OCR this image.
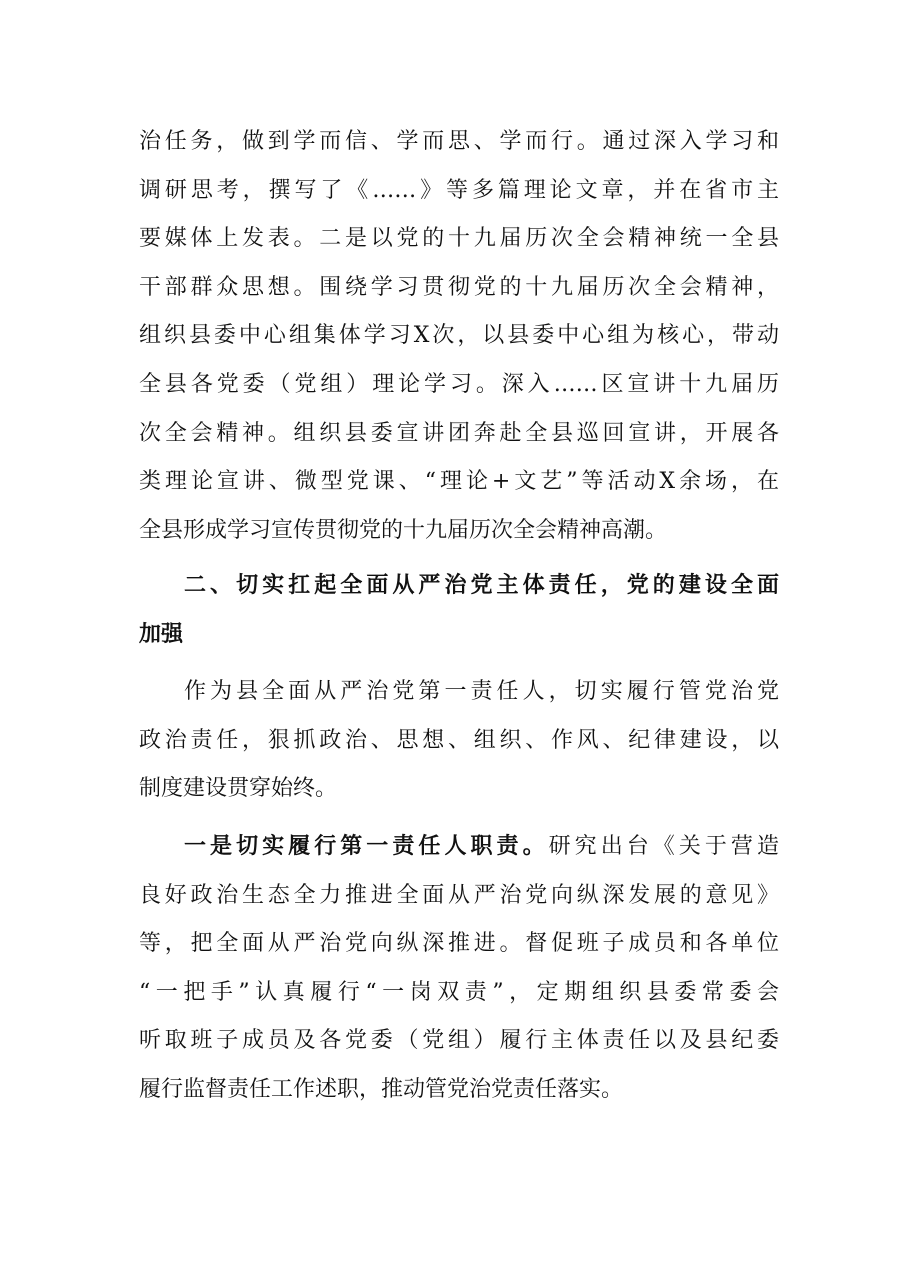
治任务，做到学而信、学而思、学而行。通过深入学习和
调研思考，撰写了《……》等多篇理论文章，并在省市主
要媒体上发表。二是以党的十九届历次全会精神统一全县
干部群众思想。围绕学习贯彻党的十九届历次全会精神，
组织县委中心组集体学习X次，以县委中心组为核心，带动
全县各党委（党组）理论学习。深入……区宣讲十九届历
次全会精神。组织县委宣讲团奔赴全县巡回宣讲，开展各
类理论宣讲、微型党课、“理论+文艺”等活动X余场，在
全县形成学习宣传贯彻党的十九届历次全会精神高潮。
二、切实扛起全面从严治党主体责任，党的建设全面
加强
作为县全面从严治党第一责任人，切实履行管党治党
政治责任，狠抓政治、思想、组织、作风、纪律建设，以
制度建设贯穿始终。
一是切实履行第一责任人职责。研究出台《关于营造
良好政治生态全力推进全面从严治党向纵深发展的意见》
等，把全面从严治党向纵深推进。督促班子成员和各单位
“一把手”认真履行“一岗双责”，定期组织县委常委会
听取班子成员及各党委（党组）履行主体责任以及县纪委
履行监督责任工作述职，推动管党治党责任落实。
